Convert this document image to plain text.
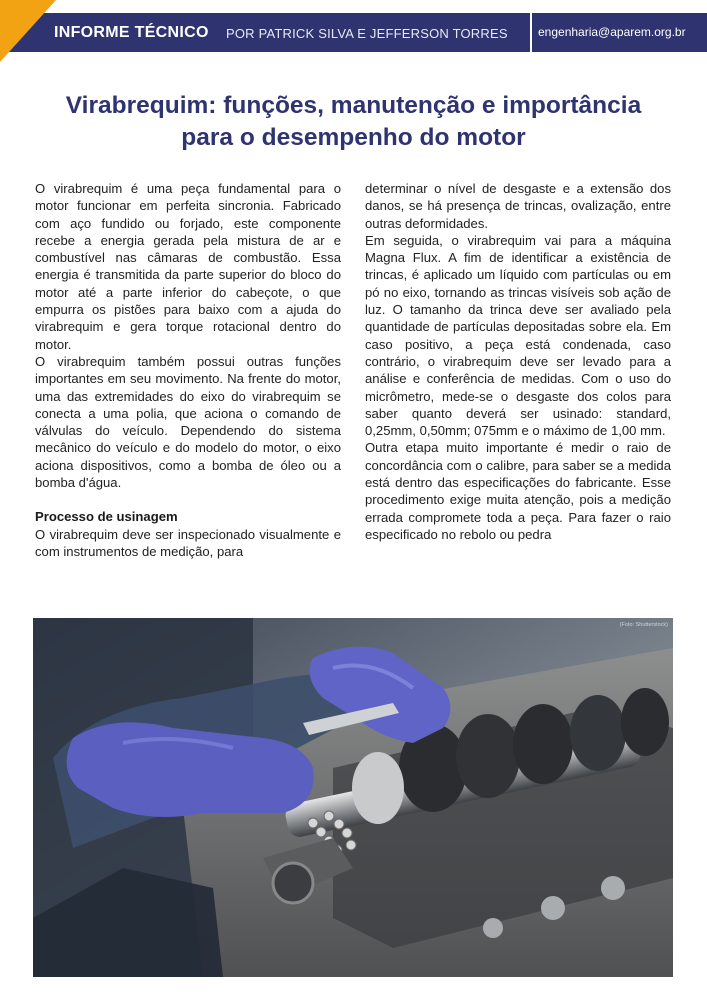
INFORME TÉCNICO POR PATRICK SILVA E JEFFERSON TORRES	engenharia@aparem.org.br
Virabrequim: funções, manutenção e importância para o desempenho do motor

O virabrequim é uma peça fundamental para o motor funcionar em perfeita sincronia. Fabricado com aço fundido ou forjado, este componente recebe a energia gerada pela mistura de ar e combustível nas câmaras de combustão. Essa energia é transmitida da parte superior do bloco do motor até a parte inferior do cabeçote, o que empurra os pistões para baixo com a ajuda do virabrequim e gera torque rotacional dentro do motor.

O virabrequim também possui outras funções importantes em seu movimento. Na frente do motor, uma das extremidades do eixo do virabrequim se conecta a uma polia, que aciona o comando de válvulas do veículo. Dependendo do sistema mecânico do veículo e do modelo do motor, o eixo aciona dispositivos, como a bomba de óleo ou a bomba d'água.

Processo de usinagem

O virabrequim deve ser inspecionado visualmente e com instrumentos de medição, para

determinar o nível de desgaste e a extensão dos danos, se há presença de trincas, ovalização, entre outras deformidades.

Em seguida, o virabrequim vai para a máquina Magna Flux. A fim de identificar a existência de trincas, é aplicado um líquido com partículas ou em pó no eixo, tornando as trincas visíveis sob ação de luz. O tamanho da trinca deve ser avaliado pela quantidade de partículas depositadas sobre ela. Em caso positivo, a peça está condenada, caso contrário, o virabrequim deve ser levado para a análise e conferência de medidas. Com o uso do micrômetro, mede-se o desgaste dos colos para saber quanto deverá ser usinado: standard, 0,25mm, 0,50mm; 075mm e o máximo de 1,00 mm.

Outra etapa muito importante é medir o raio de concordância com o calibre, para saber se a medida está dentro das especificações do fabricante. Esse procedimento exige muita atenção, pois a medição errada compromete toda a peça. Para fazer o raio especificado no rebolo ou pedra

(Foto: Shutterstock)
